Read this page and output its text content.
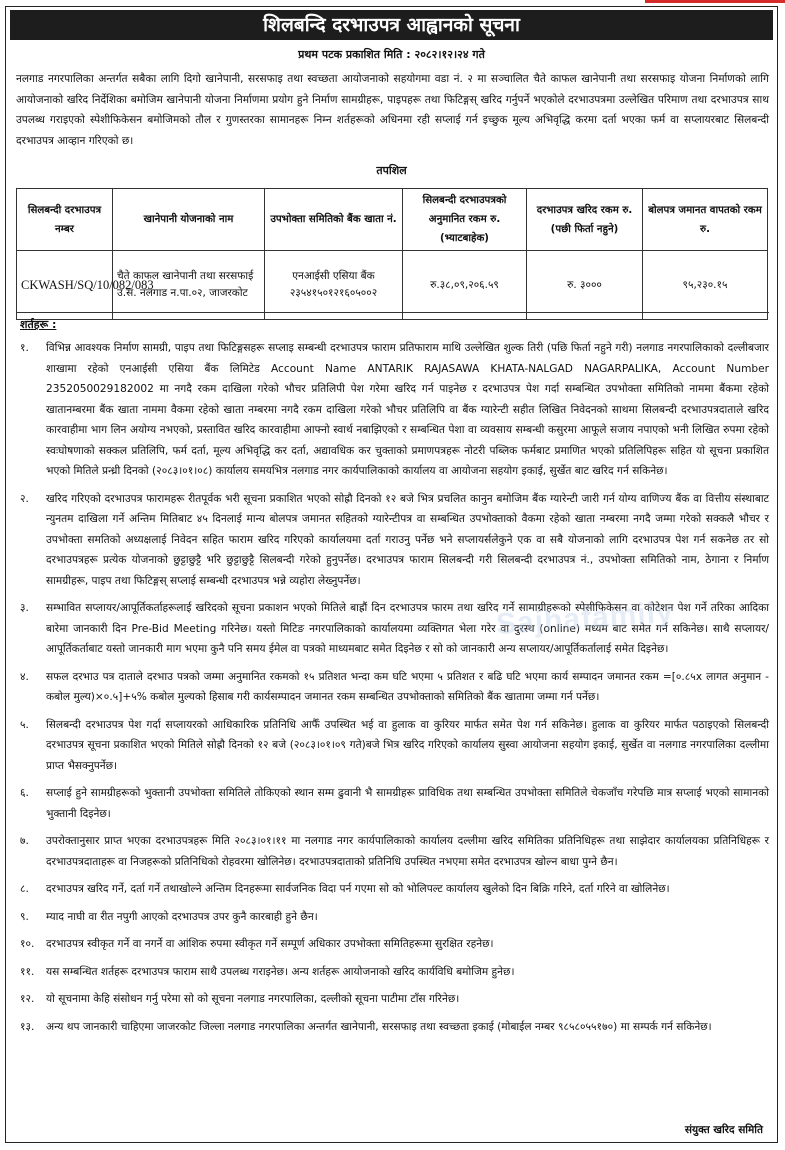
शिलबन्दि दरभाउपत्र आह्वानको सूचना
प्रथम पटक प्रकाशित मिति : २०८२।१२।२४ गते
नलगाड नगरपालिका अन्तर्गत सबैका लागि दिगो खानेपानी, सरसफाइ तथा स्वच्छता आयोजनाको सहयोगमा वडा नं. २ मा सञ्चालित चैते काफल खानेपानी तथा सरसफाइ योजना निर्माणको लागि आयोजनाको खरिद निर्देशिका बमोजिम खानेपानी योजना निर्माणमा प्रयोग हुने निर्माण सामग्रीहरू, पाइपहरू तथा फिटिङ्गस् खरिद गर्नुपर्ने भएकोले दरभाउपत्रमा उल्लेखित परिमाण तथा दरभाउपत्र साथ उपलब्ध गराइएको स्पेशीफिकेसन बमोजिमको तौल र गुणस्तरका सामानहरू निम्न शर्तहरूको अधिनमा रही सप्लाई गर्न इच्छुक मूल्य अभिवृद्धि करमा दर्ता भएका फर्म वा सप्लायरबाट सिलबन्दी दरभाउपत्र आव्हान गरिएको छ।
तपशिल
सिलबन्दी दरभाउपत्र नम्बर	खानेपानी योजनाको नाम	उपभोक्ता समितिको बैंक खाता नं.	सिलबन्दी दरभाउपत्रको अनुमानित रकम रु. (भ्याटबाहेक)	दरभाउपत्र खरिद रकम रु. (पछी फिर्ता नहुने)	बोलपत्र जमानत वापतको रकम रु.
CKWASH/SQ/10/082/083	चैते काफल खानेपानी तथा सरसफाई उ.स. नलगाड न.पा.०२, जाजरकोट	एनआईसी एसिया बैंक २३५४१५०१२१६०५००२	रु.३८,०९,२०६.५९	रु. ३०००	९५,२३०.१५
शर्तहरू :
१. विभिन्न आवश्यक निर्माण सामग्री, पाइप तथा फिटिङ्गसहरू सप्लाइ सम्बन्धी दरभाउपत्र फाराम प्रतिफाराम माथि उल्लेखित शुल्क तिरी (पछि फिर्ता नहुने गरी) नलगाड नगरपालिकाको दल्लीबजार शाखामा रहेको एनआईसी एसिया बैंक लिमिटेड Account Name ANTARIK RAJASAWA KHATA-NALGAD NAGARPALIKA, Account Number 2352050029182002 मा नगदै रकम दाखिला गरेको भौचर प्रतिलिपी पेश गरेमा खरिद गर्न पाइनेछ र दरभाउपत्र पेश गर्दा सम्बन्धित उपभोक्ता समितिको नाममा बैंकमा रहेको खातानम्बरमा बैंक खाता नाममा वैकमा रहेको खाता नम्बरमा नगदै रकम दाखिला गरेको भौचर प्रतिलिपि वा बैंक ग्यारेन्टी सहीत लिखित निवेदनको साथमा सिलबन्दी दरभाउपत्रदाताले खरिद कारवाहीमा भाग लिन अयोग्य नभएको, प्रस्तावित खरिद कारवाहीमा आफ्नो स्वार्थ नबाझिएको र सम्बन्धित पेशा वा व्यवसाय सम्बन्धी कसुरमा आफूले सजाय नपाएको भनी लिखित रुपमा रहेको स्वःघोषणाको सक्कल प्रतिलिपि, फर्म दर्ता, मूल्य अभिवृद्धि कर दर्ता, अद्यावधिक कर चुक्ताको प्रमाणपत्रहरू नोटरी पब्लिक फर्मबाट प्रमाणित भएको प्रतिलिपिहरू सहित यो सूचना प्रकाशित भएको मितिले प्रन्ध्री दिनको (२०८३।०१।०८) कार्यालय समयभित्र नलगाड नगर कार्यपालिकाको कार्यालय वा आयोजना सहयोग इकाई, सुर्खेत बाट खरिद गर्न सकिनेछ।
२. खरिद गरिएको दरभाउपत्र फारामहरू रीतपूर्वक भरी सूचना प्रकाशित भएको सोह्रौ दिनको १२ बजे भित्र प्रचलित कानुन बमोजिम बैंक ग्यारेन्टी जारी गर्न योग्य वाणिज्य बैंक वा वित्तीय संस्थाबाट न्युनतम दाखिला गर्ने अन्तिम मितिबाट ४५ दिनलाई मान्य बोलपत्र जमानत सहितको ग्यारेन्टीपत्र वा सम्बन्धित उपभोक्ताको वैकमा रहेको खाता नम्बरमा नगदै जम्मा गरेको सक्कलै भौचर र उपभोक्ता समतिको अध्यक्षलाई निवेदन सहित फाराम खरिद गरिएको कार्यालयमा दर्ता गराउनु पर्नेछ भने सप्लायर्सलेकुने एक वा सबै योजनाको लागि दरभाउपत्र पेश गर्न सकनेछ तर सो दरभाउपत्रहरू प्रत्येक योजनाको छुट्टाछुट्टै भरि छुट्टाछुट्टै सिलबन्दी गरेको हुनुपर्नेछ। दरभाउपत्र फाराम सिलबन्दी गरी सिलबन्दी दरभाउपत्र नं., उपभोक्ता समितिको नाम, ठेगाना र निर्माण सामग्रीहरू, पाइप तथा फिटिङ्गस् सप्लाई सम्बन्धी दरभाउपत्र भन्ने व्यहोरा लेख्नुपर्नेछ।
३. सम्भावित सप्लायर/आपूर्तिकर्ताहरूलाई खरिदको सूचना प्रकाशन भएको मितिले बाह्रौं दिन दरभाउपत्र फारम तथा खरिद गर्ने सामाग्रीहरूको स्पेसीफिकेसन वा कोटेशन पेश गर्ने तरिका आदिका बारेमा जानकारी दिन Pre-Bid Meeting गरिनेछ। यस्तो मिटिङ नगरपालिकाको कार्यालयमा व्यक्तिगत भेला गरेर वा दुरस्थ (online) मध्यम बाट समेत गर्न सकिनेछ। साथै सप्लायर/आपूर्तिकर्ताबाट यस्तो जानकारी माग भएमा कुनै पनि समय ईमेल वा पत्रको माध्यमबाट समेत दिइनेछ र सो को जानकारी अन्य सप्लायर/आपूर्तिकर्तालाई समेत दिइनेछ।
४. सफल दरभाउ पत्र दाताले दरभाउ पत्रको जम्मा अनुमानित रकमको १५ प्रतिशत भन्दा कम घटि भएमा ५ प्रतिशत र बढि घटि भएमा कार्य सम्पादन जमानत रकम =[०.८५x लागत अनुमान - कबोल मुल्य)×०.५]+५% कबोल मुल्यको हिसाब गरी कार्यसम्पादन जमानत रकम सम्बन्धित उपभोक्ताको समितिको बैंक खातामा जम्मा गर्न पर्नेछ।
५. सिलबन्दी दरभाउपत्र पेश गर्दा सप्लायरको आधिकारिक प्रतिनिधि आफैँ उपस्थित भई वा हुलाक वा कुरियर मार्फत समेत पेश गर्न सकिनेछ। हुलाक वा कुरियर मार्फत पठाइएको सिलबन्दी दरभाउपत्र सूचना प्रकाशित भएको मितिले सोह्रौ दिनको १२ बजे (२०८३।०१।०९ गते)बजे भित्र खरिद गरिएको कार्यालय सुस्वा आयोजना सहयोग इकाई, सुर्खेत वा नलगाड नगरपालिका दल्लीमा प्राप्त भैसक्नुपर्नेछ।
६. सप्लाई हुने सामग्रीहरूको भुक्तानी उपभोक्ता समितिले तोकिएको स्थान सम्म ढुवानी भै सामग्रीहरू प्राविधिक तथा सम्बन्धित उपभोक्ता समितिले चेकजाँच गरेपछि मात्र सप्लाई भएको सामानको भुक्तानी दिइनेछ।
७. उपरोक्तानुसार प्राप्त भएका दरभाउपत्रहरू मिति २०८३।०१।११ मा नलगाड नगर कार्यपालिकाको कार्यालय दल्लीमा खरिद समितिका प्रतिनिधिहरू तथा साझेदार कार्यालयका प्रतिनिधिहरू र दरभाउपत्रदाताहरू वा निजहरूको प्रतिनिधिको रोहवरमा खोलिनेछ। दरभाउपत्रदाताको प्रतिनिधि उपस्थित नभएमा समेत दरभाउपत्र खोल्न बाधा पुग्ने छैन।
८. दरभाउपत्र खरिद गर्ने, दर्ता गर्ने तथाखोल्ने अन्तिम दिनहरूमा सार्वजनिक विदा पर्न गएमा सो को भोलिपल्ट कार्यालय खुलेको दिन बिक्रि गरिने, दर्ता गरिने वा खोलिनेछ।
९. म्याद नाघी वा रीत नपुगी आएको दरभाउपत्र उपर कुनै कारबाही हुने छैन।
१०. दरभाउपत्र स्वीकृत गर्ने वा नगर्ने वा आंशिक रुपमा स्वीकृत गर्ने सम्पूर्ण अधिकार उपभोक्ता समितिहरूमा सुरक्षित रहनेछ।
११. यस सम्बन्धित शर्तहरू दरभाउपत्र फाराम साथै उपलब्ध गराइनेछ। अन्य शर्तहरू आयोजनाको खरिद कार्यविधि बमोजिम हुनेछ।
१२. यो सूचनामा केहि संसोधन गर्नु परेमा सो को सूचना नलगाड नगरपालिका, दल्लीको सूचना पाटीमा टाँस गरिनेछ।
१३. अन्य थप जानकारी चाहिएमा जाजरकोट जिल्ला नलगाड नगरपालिका अन्तर्गत खानेपानी, सरसफाइ तथा स्वच्छता इकाई (मोबाईल नम्बर ९८५८०५५१७०) मा सम्पर्क गर्न सकिनेछ।
Sajhafamily
संयुक्त खरिद समिति
